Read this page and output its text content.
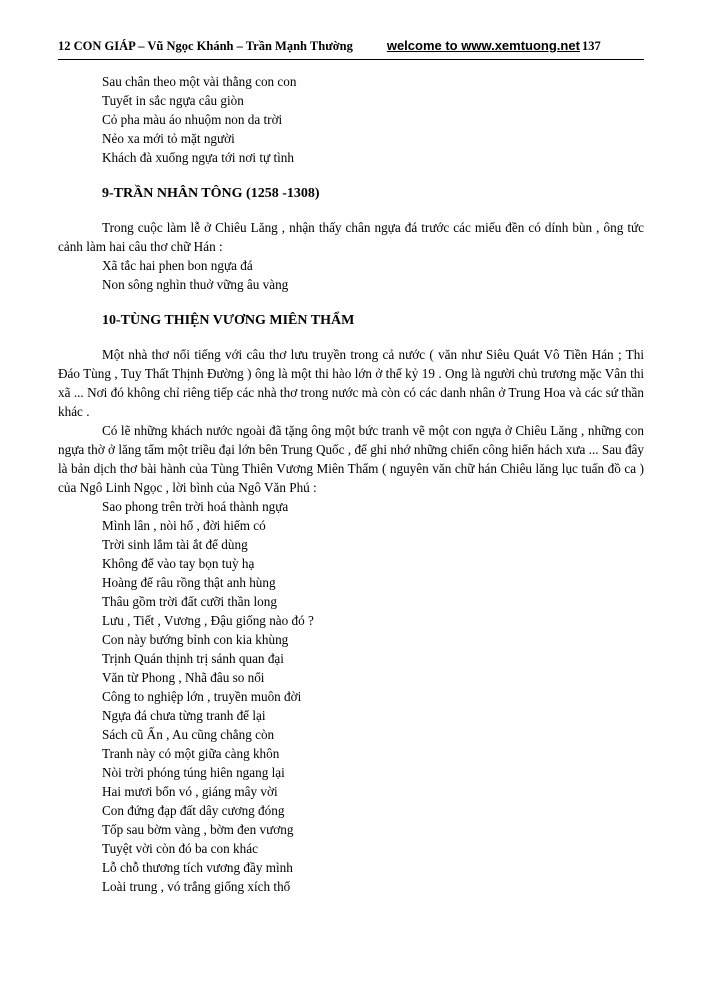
12 CON GIÁP – Vũ Ngọc Khánh – Trần Mạnh Thường	welcome to www.xemtuong.net 137
Sau chân theo một vài thằng con con
Tuyết in sắc ngựa câu giòn
Cỏ pha màu áo nhuộm non da trời
Nẻo xa mới tỏ mặt người
Khách đà xuống ngựa tới nơi tự tình
9-TRẦN NHÂN TÔNG (1258 -1308)

Trong cuộc làm lễ ở Chiêu Lăng , nhận thấy chân ngựa đá trước các miếu đền có dính bùn , ông tức cảnh làm hai câu thơ chữ Hán :

Xã tắc hai phen bon ngựa đá
Non sông nghìn thuở vững âu vàng
10-TÙNG THIỆN VƯƠNG MIÊN THẨM

Một nhà thơ nổi tiếng với câu thơ lưu truyền trong cả nước ( văn như Siêu Quát Vô Tiền Hán ; Thi Đáo Tùng , Tuy Thất Thịnh Đường ) ông là một thi hào lớn ở thế kỷ 19 . Ong là người chủ trương mặc Vân thi xã ... Nơi đó không chỉ riêng tiếp các nhà thơ trong nước mà còn có các danh nhân ở Trung Hoa và các sứ thần khác .

Có lẽ những khách nước ngoài đã tặng ông một bức tranh vẽ một con ngựa ở Chiêu Lăng , những con ngựa thờ ở lăng tẩm một triều đại lớn bên Trung Quốc , để ghi nhớ những chiến công hiển hách xưa ... Sau đây là bản dịch thơ bài hành của Tùng Thiên Vương Miên Thẩm ( nguyên văn chữ hán Chiêu lăng lục tuấn đồ ca ) của Ngô Linh Ngọc , lời bình của Ngô Văn Phú :

Sao phong trên trời hoá thành ngựa
Mình lân , nòi hổ , đời hiếm có
Trời sinh lắm tài ắt để dùng
Không để vào tay bọn tuỳ hạ
Hoàng đế râu rồng thật anh hùng
Thâu gồm trời đất cưỡi thần long
Lưu , Tiết , Vương , Đậu giống nào đó ?
Con này bướng bỉnh con kia khùng
Trịnh Quán thịnh trị sánh quan đại
Văn từ Phong , Nhã đâu so nổi
Công to nghiệp lớn , truyền muôn đời
Ngựa đá chưa từng tranh để lại
Sách cũ Ấn , Au cũng chẳng còn
Tranh này có một giữa càng khôn
Nòi trời phóng túng hiên ngang lại
Hai mươi bốn vó , giáng mây vời
Con đứng đạp đất dây cương đóng
Tốp sau bờm vàng , bờm đen vương
Tuyệt vời còn đó ba con khác
Lỗ chỗ thương tích vương đầy mình
Loài trung , vó trắng giống xích thố
